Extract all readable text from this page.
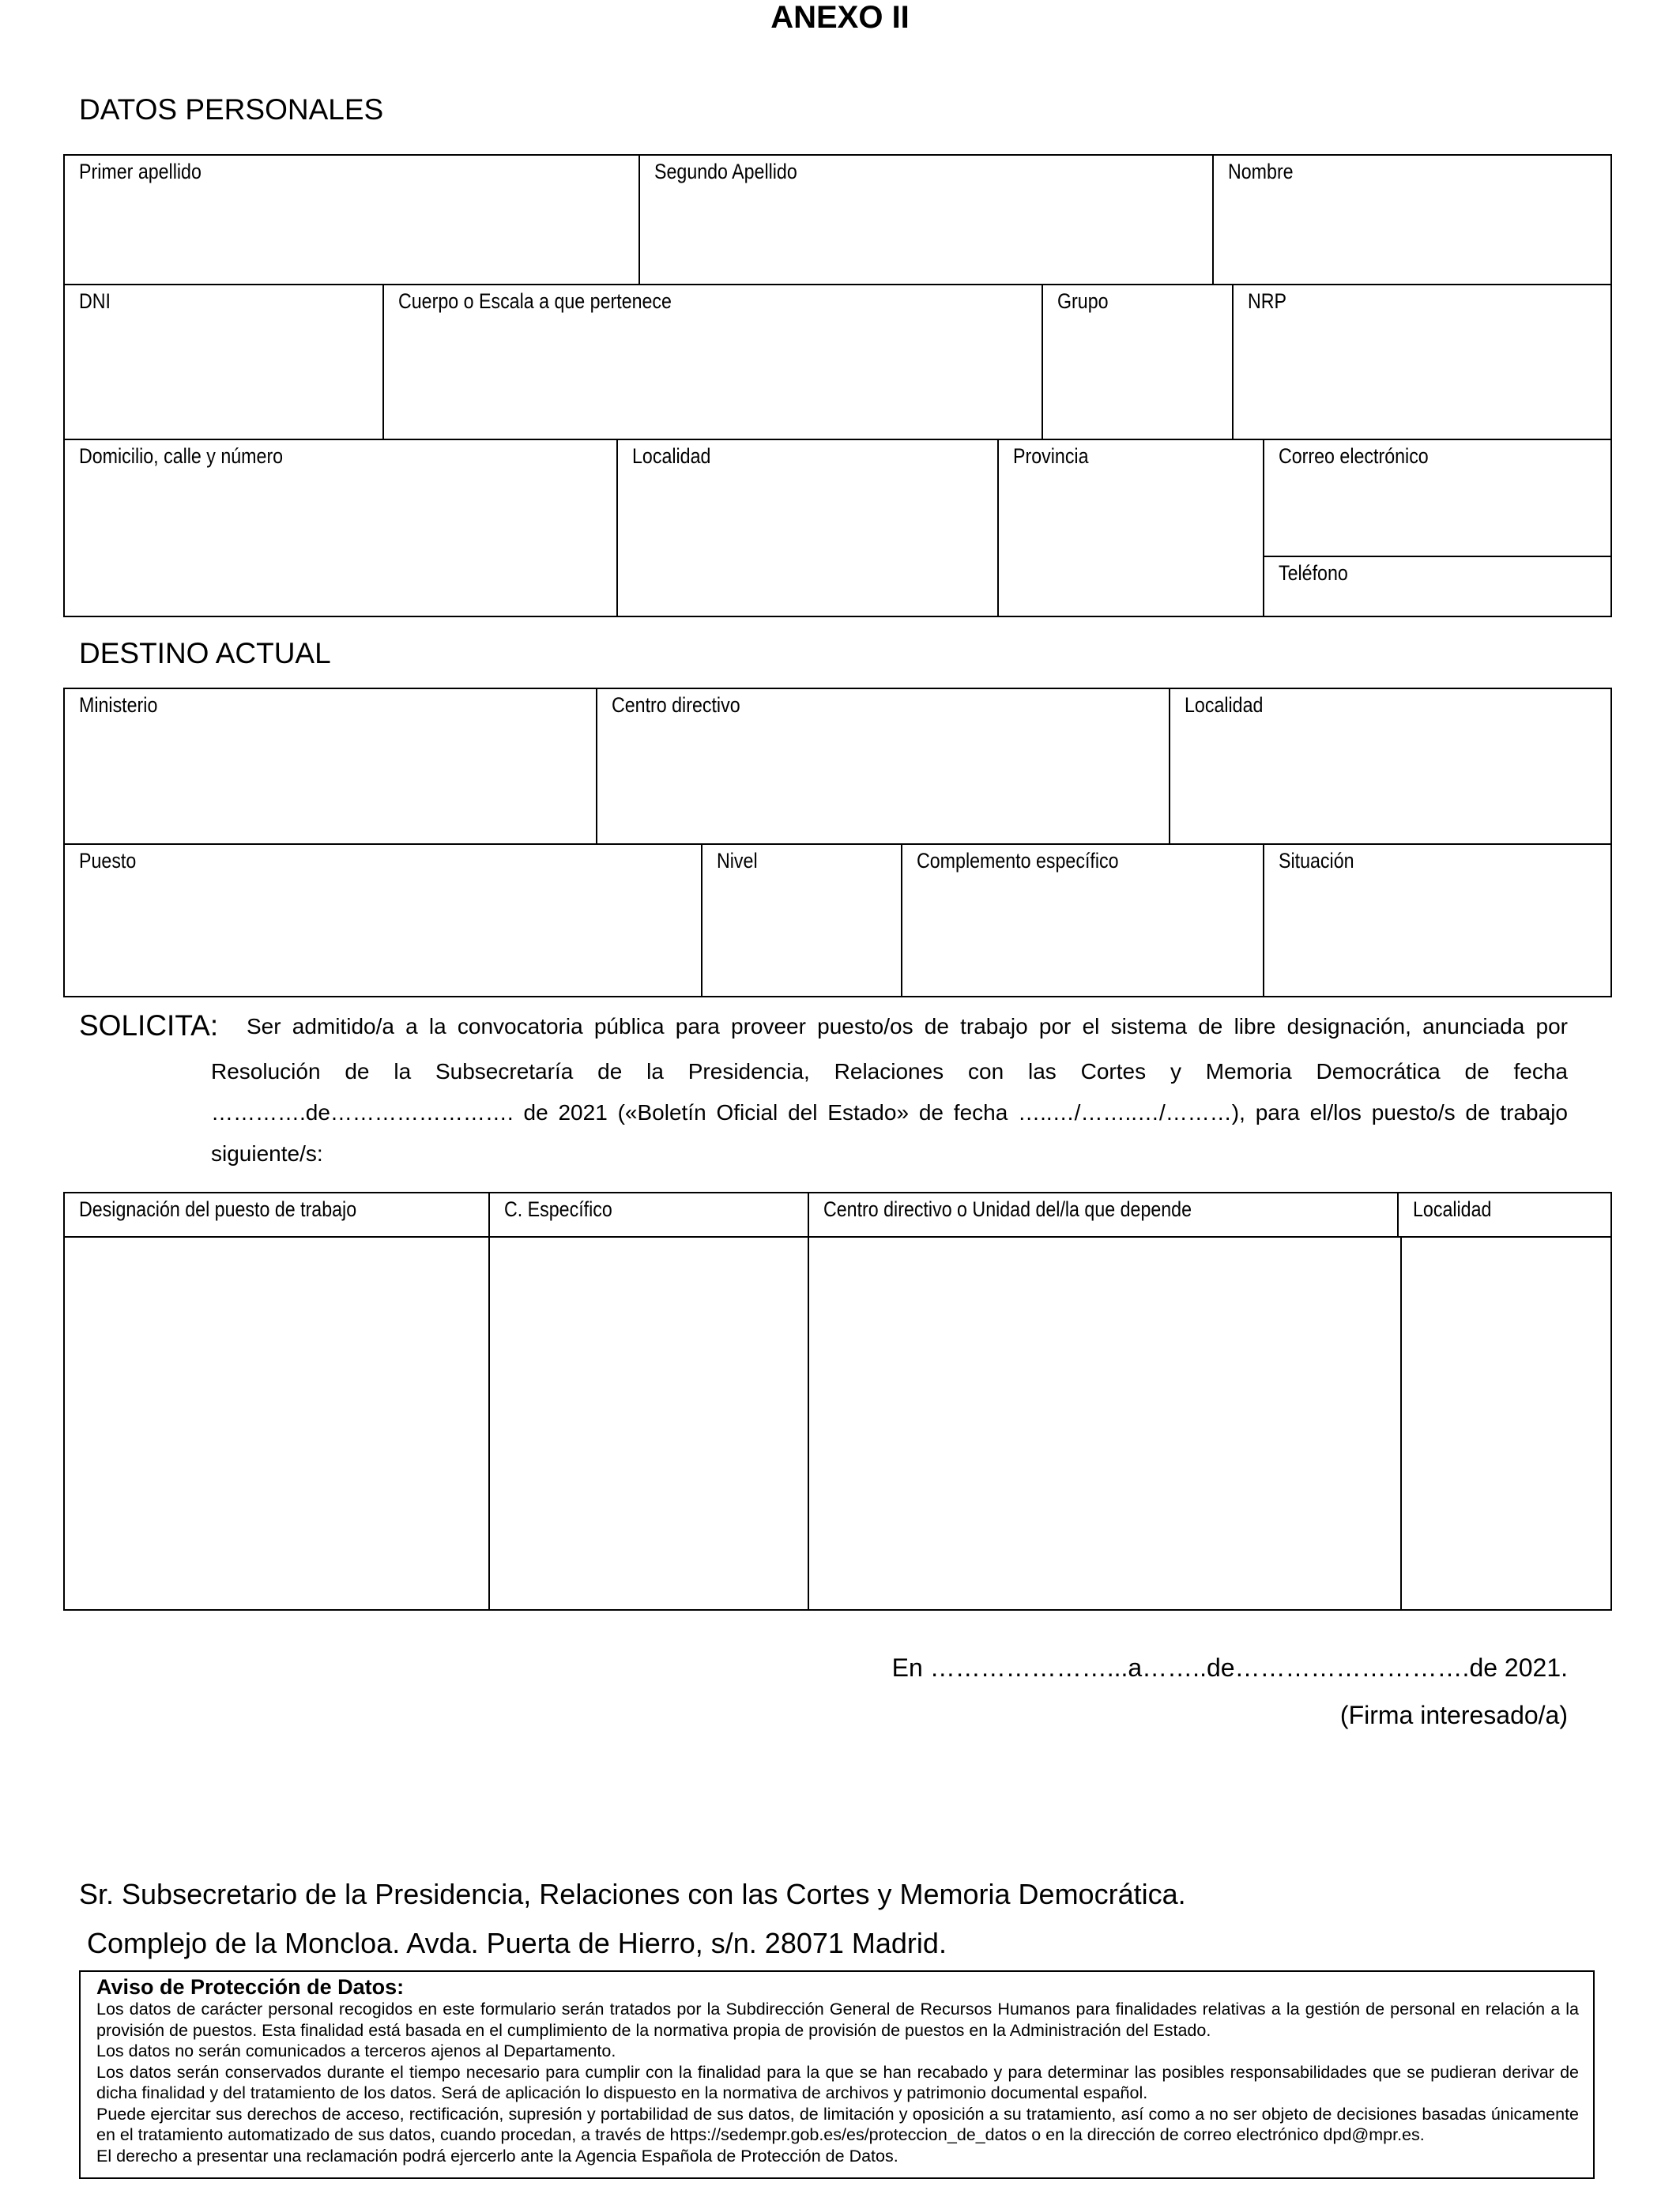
ANEXO II
DATOS PERSONALES
Primer apellido	Segundo Apellido	Nombre
DNI	Cuerpo o Escala a que pertenece	Grupo	NRP
Domicilio, calle y número	Localidad	Provincia	Correo electrónico
Teléfono
DESTINO ACTUAL
Ministerio	Centro directivo	Localidad
Puesto	Nivel	Complemento específico	Situación
SOLICITA: Ser admitido/a a la convocatoria pública para proveer puesto/os de trabajo por el sistema de libre designación, anunciada por
Resolución de la Subsecretaría de la Presidencia, Relaciones con las Cortes y Memoria Democrática de fecha ………….de……………………. de 2021 («Boletín Oficial del Estado» de fecha …..…/……..…/………), para el/los puesto/s de trabajo siguiente/s:
Designación del puesto de trabajo	C. Específico	Centro directivo o Unidad del/la que depende	Localidad
En …………………...a……..de……………………….de 2021.
(Firma interesado/a)
Sr. Subsecretario de la Presidencia, Relaciones con las Cortes y Memoria Democrática.
Complejo de la Moncloa. Avda. Puerta de Hierro, s/n. 28071 Madrid.
Aviso de Protección de Datos:

Los datos de carácter personal recogidos en este formulario serán tratados por la Subdirección General de Recursos Humanos para finalidades relativas a la gestión de personal en relación a la provisión de puestos. Esta finalidad está basada en el cumplimiento de la normativa propia de provisión de puestos en la Administración del Estado.

Los datos no serán comunicados a terceros ajenos al Departamento.

Los datos serán conservados durante el tiempo necesario para cumplir con la finalidad para la que se han recabado y para determinar las posibles responsabilidades que se pudieran derivar de dicha finalidad y del tratamiento de los datos. Será de aplicación lo dispuesto en la normativa de archivos y patrimonio documental español.

Puede ejercitar sus derechos de acceso, rectificación, supresión y portabilidad de sus datos, de limitación y oposición a su tratamiento, así como a no ser objeto de decisiones basadas únicamente en el tratamiento automatizado de sus datos, cuando procedan, a través de https://sedempr.gob.es/es/proteccion_de_datos o en la dirección de correo electrónico dpd@mpr.es.

El derecho a presentar una reclamación podrá ejercerlo ante la Agencia Española de Protección de Datos.
